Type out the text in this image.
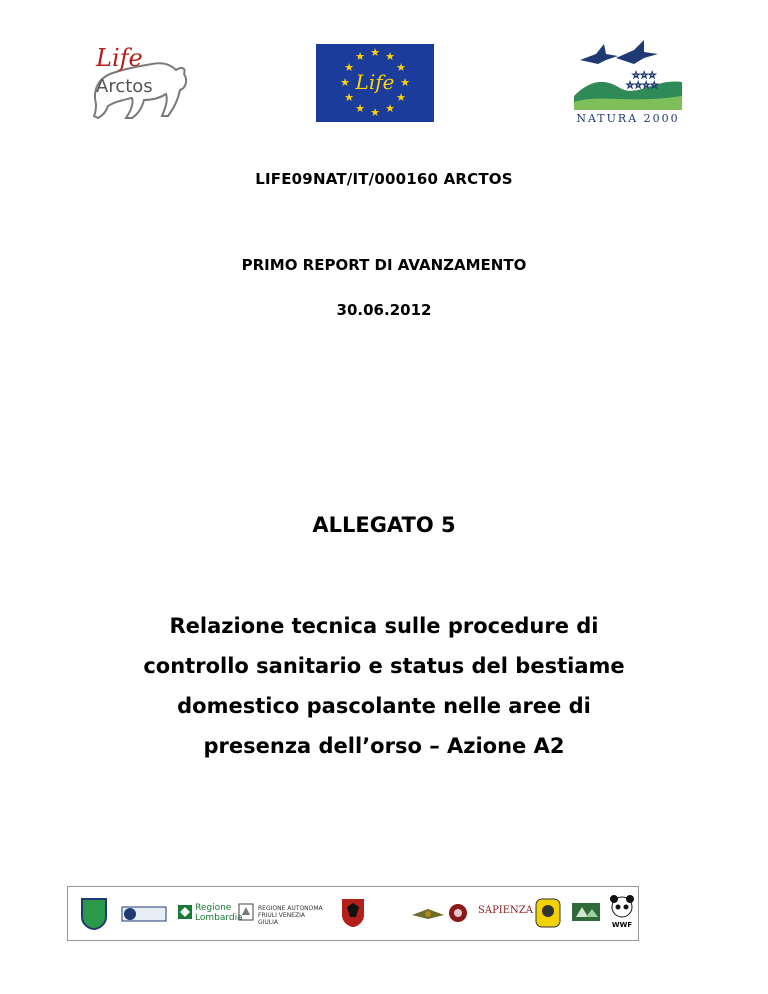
Life
Arctos
★ ★
★
★
★
★
★
★
★
★
★
★
Life	☆☆☆
☆☆☆☆
NATURA 2000
LIFE09NAT/IT/000160 ARCTOS
PRIMO REPORT DI AVANZAMENTO
30.06.2012
ALLEGATO 5
Relazione tecnica sulle procedure di
controllo sanitario e status del bestiame
domestico pascolante nelle aree di
presenza dell’orso – Azione A2
Regione Lombardia
REGIONE AUTONOMA FRIULI VENEZIA GIULIA
SAPIENZA
WWF
